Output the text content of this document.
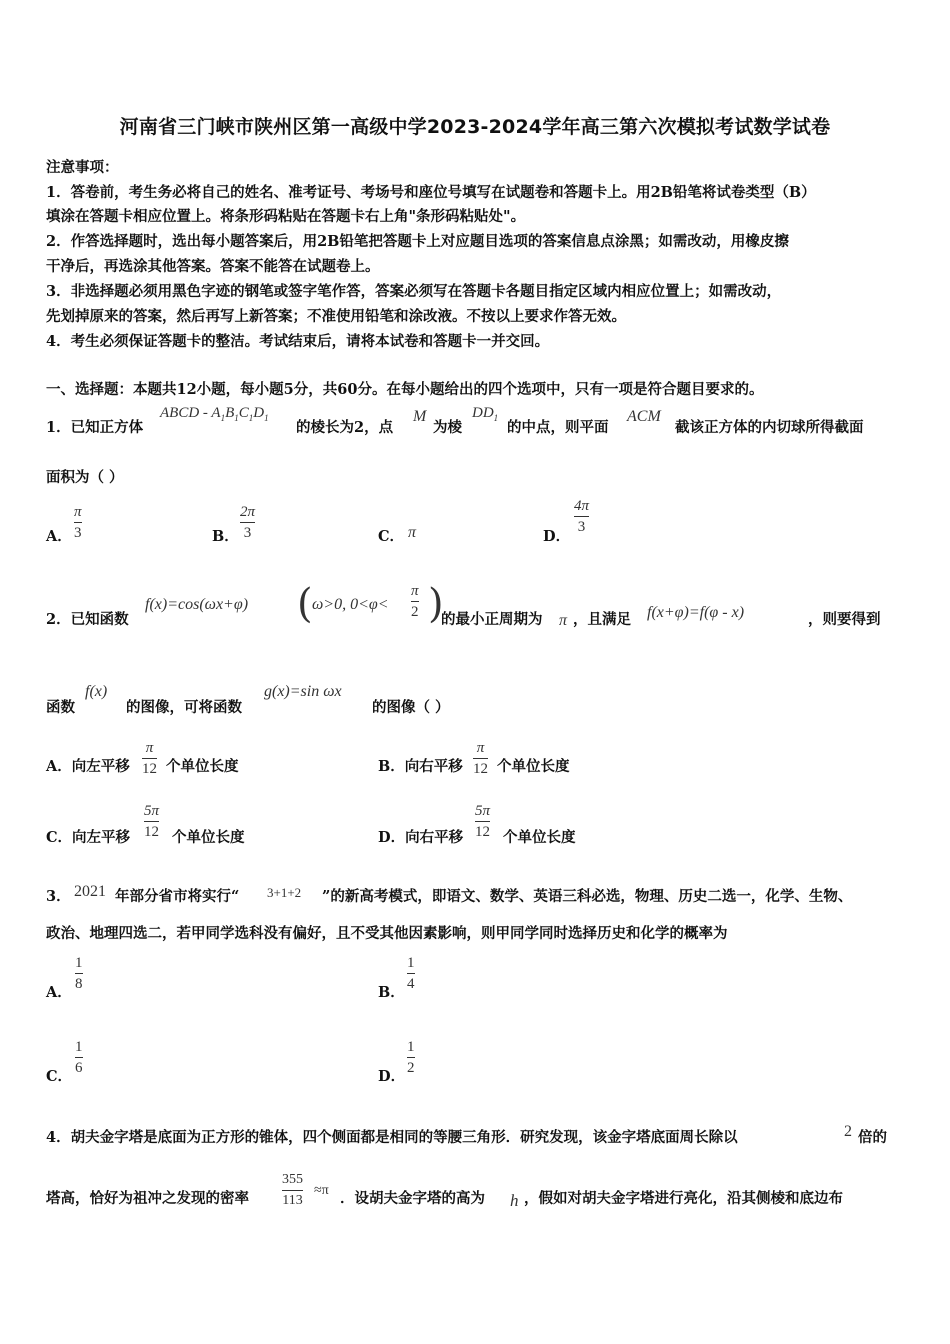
河南省三门峡市陕州区第一高级中学2023-2024学年高三第六次模拟考试数学试卷
注意事项：
1．答卷前，考生务必将自己的姓名、准考证号、考场号和座位号填写在试题卷和答题卡上。用2B铅笔将试卷类型（B）
填涂在答题卡相应位置上。将条形码粘贴在答题卡右上角"条形码粘贴处"。
2．作答选择题时，选出每小题答案后，用2B铅笔把答题卡上对应题目选项的答案信息点涂黑；如需改动，用橡皮擦
干净后，再选涂其他答案。答案不能答在试题卷上。
3．非选择题必须用黑色字迹的钢笔或签字笔作答，答案必须写在答题卡各题目指定区域内相应位置上；如需改动，
先划掉原来的答案，然后再写上新答案；不准使用铅笔和涂改液。不按以上要求作答无效。
4．考生必须保证答题卡的整洁。考试结束后，请将本试卷和答题卡一并交回。
一、选择题：本题共12小题，每小题5分，共60分。在每小题给出的四个选项中，只有一项是符合题目要求的。
1．已知正方体
ABCD - $A_1B_1C_1D_1$
的棱长为2，点
M
为棱
$DD_1$
的中点，则平面
ACM
截该正方体的内切球所得截面
面积为（ ）
A．
π
3	B．
2π
3	C． π	D．
4π
3
2．已知函数
f(x)=cos(ωx+φ) ( ω>0, 0<φ<
π
2 )
的最小正周期为 π ，且满足 f(x+φ)=f(φ - x)	，则要得到
函数
f(x)
的图像，可将函数
g(x)=sin ωx
的图像（ ）
A．向左平移
π
12 个单位长度	B．向右平移
π
12 个单位长度
C．向左平移
5π
12 个单位长度	D．向右平移
5π
12 个单位长度
3． 2021 年部分省市将实行“ 3+1+2 ”的新高考模式，即语文、数学、英语三科必选，物理、历史二选一，化学、生物、
政治、地理四选二，若甲同学选科没有偏好，且不受其他因素影响，则甲同学同时选择历史和化学的概率为
A．
1
8	B．
1
4
C．
1
6	D．
1
2
4．胡夫金字塔是底面为正方形的锥体，四个侧面都是相同的等腰三角形．研究发现，该金字塔底面周长除以	2 倍的
塔高，恰好为祖冲之发现的密率
355
113
≈π ．设胡夫金字塔的高为 h ，假如对胡夫金字塔进行亮化，沿其侧棱和底边布
